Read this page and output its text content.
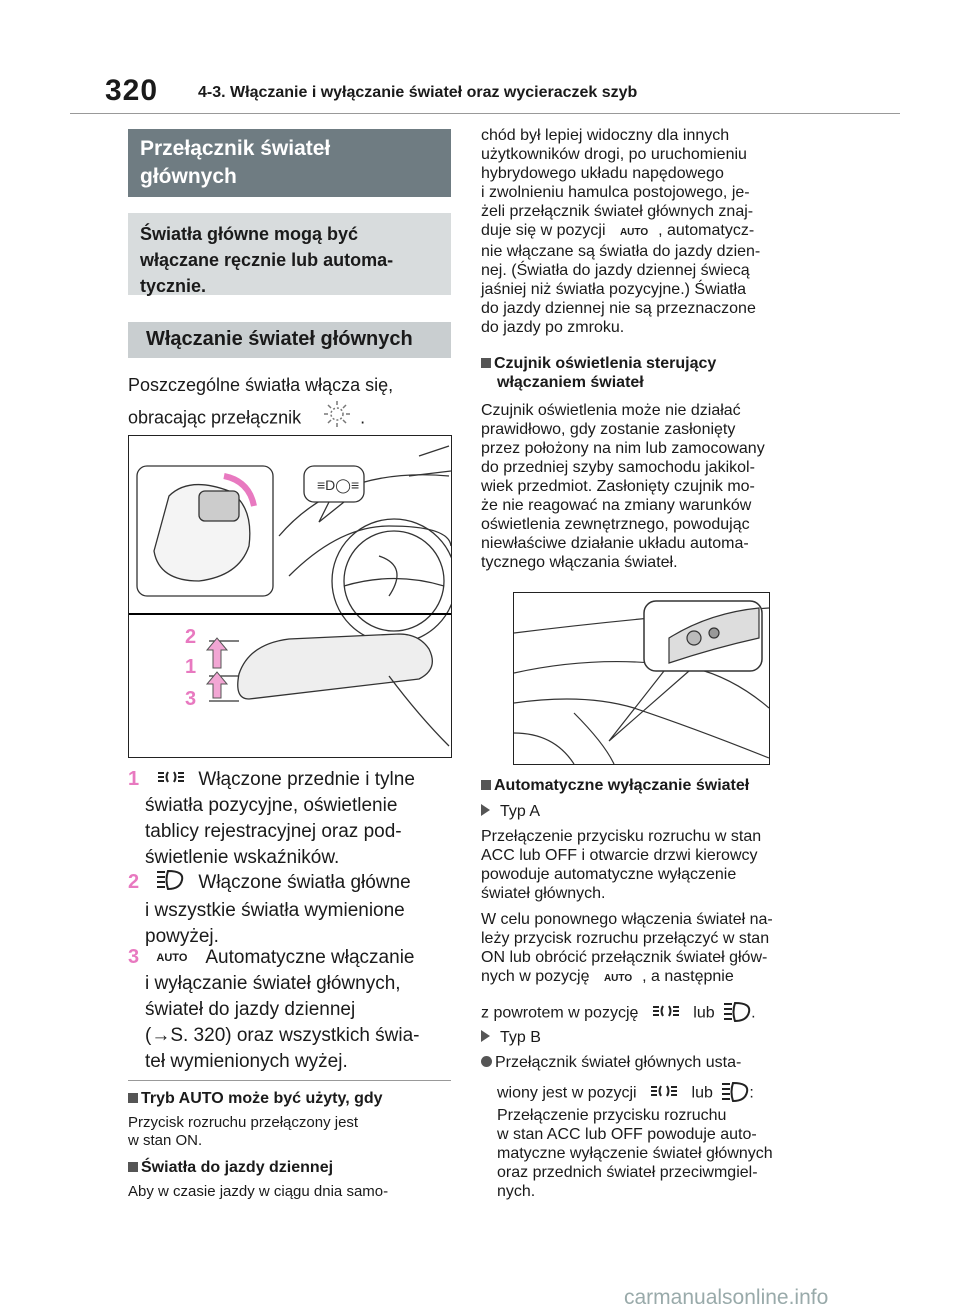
320 4-3. Włączanie i wyłączanie świateł oraz wycieraczek szyb
Przełącznik świateł
głównych
Światła główne mogą być
włączane ręcznie lub automa-
tycznie.
Włączanie świateł głównych
Poszczególne światła włącza się,
obracając przełącznik	.
≡D◯≡
2
1
3
1	Włączone przednie i tylne
światła pozycyjne, oświetlenie
tablicy rejestracyjnej oraz pod-
świetlenie wskaźników.
2	Włączone światła główne
i wszystkie światła wymienione
powyżej.
3 AUTO Automatyczne włączanie
i wyłączanie świateł głównych,
świateł do jazdy dziennej
(→S. 320) oraz wszystkich świa-
teł wymienionych wyżej.
Tryb AUTO może być użyty, gdy
Przycisk rozruchu przełączony jest
w stan ON.
Światła do jazdy dziennej
Aby w czasie jazdy w ciągu dnia samo-
chód był lepiej widoczny dla innych
użytkowników drogi, po uruchomieniu
hybrydowego układu napędowego
i zwolnieniu hamulca postojowego, je-
żeli przełącznik świateł głównych znaj-
duje się w pozycji AUTO , automatycz-
nie włączane są światła do jazdy dzien-
nej. (Światła do jazdy dziennej świecą
jaśniej niż światła pozycyjne.) Światła
do jazdy dziennej nie są przeznaczone
do jazdy po zmroku.
Czujnik oświetlenia sterujący
włączaniem świateł
Czujnik oświetlenia może nie działać
prawidłowo, gdy zostanie zasłonięty
przez położony na nim lub zamocowany
do przedniej szyby samochodu jakikol-
wiek przedmiot. Zasłonięty czujnik mo-
że nie reagować na zmiany warunków
oświetlenia zewnętrznego, powodując
niewłaściwe działanie układu automa-
tycznego włączania świateł.
Automatyczne wyłączanie świateł
Typ A
Przełączenie przycisku rozruchu w stan
ACC lub OFF i otwarcie drzwi kierowcy
powoduje automatyczne wyłączenie
świateł głównych.
W celu ponownego włączenia świateł na-
leży przycisk rozruchu przełączyć w stan
ON lub obrócić przełącznik świateł głów-
nych w pozycję AUTO , a następnie
z powrotem w pozycję	lub .
Typ B
Przełącznik świateł głównych usta-
wiony jest w pozycji	lub :
Przełączenie przycisku rozruchu
w stan ACC lub OFF powoduje auto-
matyczne wyłączenie świateł głównych
oraz przednich świateł przeciwmgiel-
nych.
carmanualsonline.info
